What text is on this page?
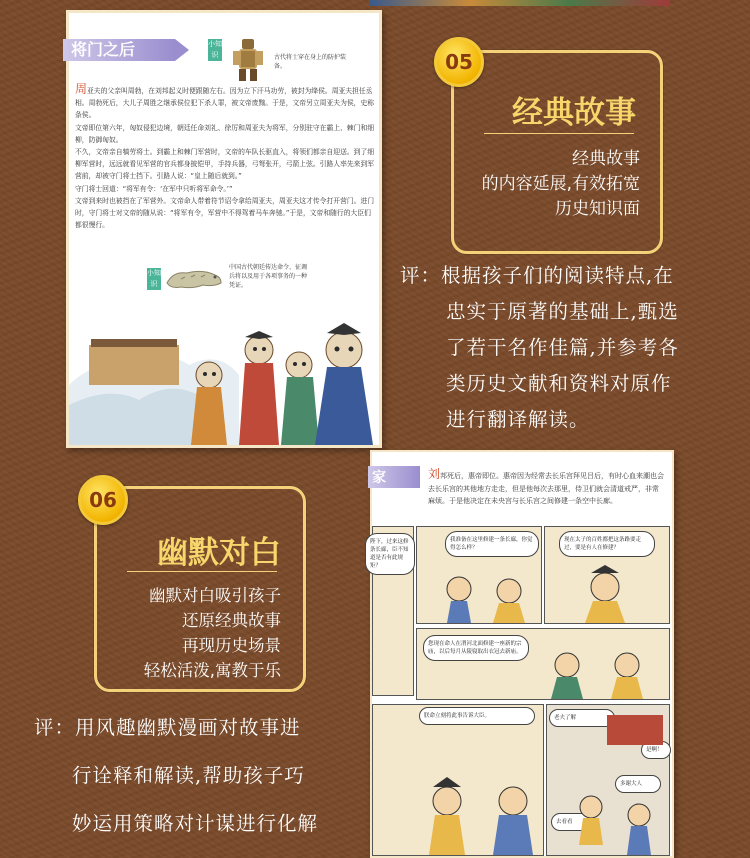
将门之后	小知识	古代将士穿在身上的防护装备。
周亚夫的父亲叫周勃，在刘邦起义时便跟随左右。因为立下汗马功劳，被封为绛侯。周亚夫担任丞相。周勃死后，大儿子周胜之继承侯位犯下杀人罪，被文帝废黜。于是，文帝另立周亚夫为侯，史称条侯。
文帝即位第六年，匈奴侵犯边境，朝廷任命刘礼、徐厉和周亚夫为将军，分别驻守在霸上、棘门和细柳，防御匈奴。
不久，文帝亲自犒劳将士。到霸上和棘门军营时，文帝的车队长驱直入，将领们都亲自迎送。到了细柳军营时，远远就看见军营的官兵都身披铠甲，手持兵器，弓弩张开，弓箭上弦。引路人率先来到军营前，却被守门将士挡下。引路人说：“皇上随后就到。”
守门将士回道：“将军有令：‘在军中只听将军命令。’”
文帝到来时也被挡在了军营外。文帝命人带着符节诏令拿给周亚夫，周亚夫这才传令打开营门。进门时，守门将士对文帝的随从说：“将军有令，军营中不得驾着马车奔驰。”于是，文帝和随行的大臣们都很慢行。
小知识
中国古代朝廷传达命令、征调兵将以及用于各项事务的一种凭证。
经典故事
经典故事
的内容延展,有效拓宽
历史知识面
05
评：根据孩子们的阅读特点,在
忠实于原著的基础上,甄选
了若干名作佳篇,并参考各
类历史文献和资料对原作
进行翻译解读。
幽默对白
幽默对白吸引孩子
还原经典故事
再现历史场景
轻松活泼,寓教于乐
06
评：用风趣幽默漫画对故事进
行诠释和解读,帮助孩子巧
妙运用策略对计谋进行化解
家	刘邦死后，惠帝即位。惠帝因为经常去长乐宫拜见吕后，有时心血来潮也会去长乐宫的其他地方走走，但是他每次去那里，侍卫们就会清道戒严，非常麻烦。于是他决定在未央宫与长乐宫之间修建一条空中长廊。
陛下，过来这修条长廊，臣不知道是否有此规矩？
我准备在这里修建一条长廊，你觉得怎么样？
现在太子的百姓都把这条路要走过，要是有人在修建？
您现在命人在渭河北面修建一座新的宗庙，以后每月从陵寝取出衣冠去新庙。
朕命立刻将此事告诉大臣。	老夫了解
是啊！
多谢大人
去看看
